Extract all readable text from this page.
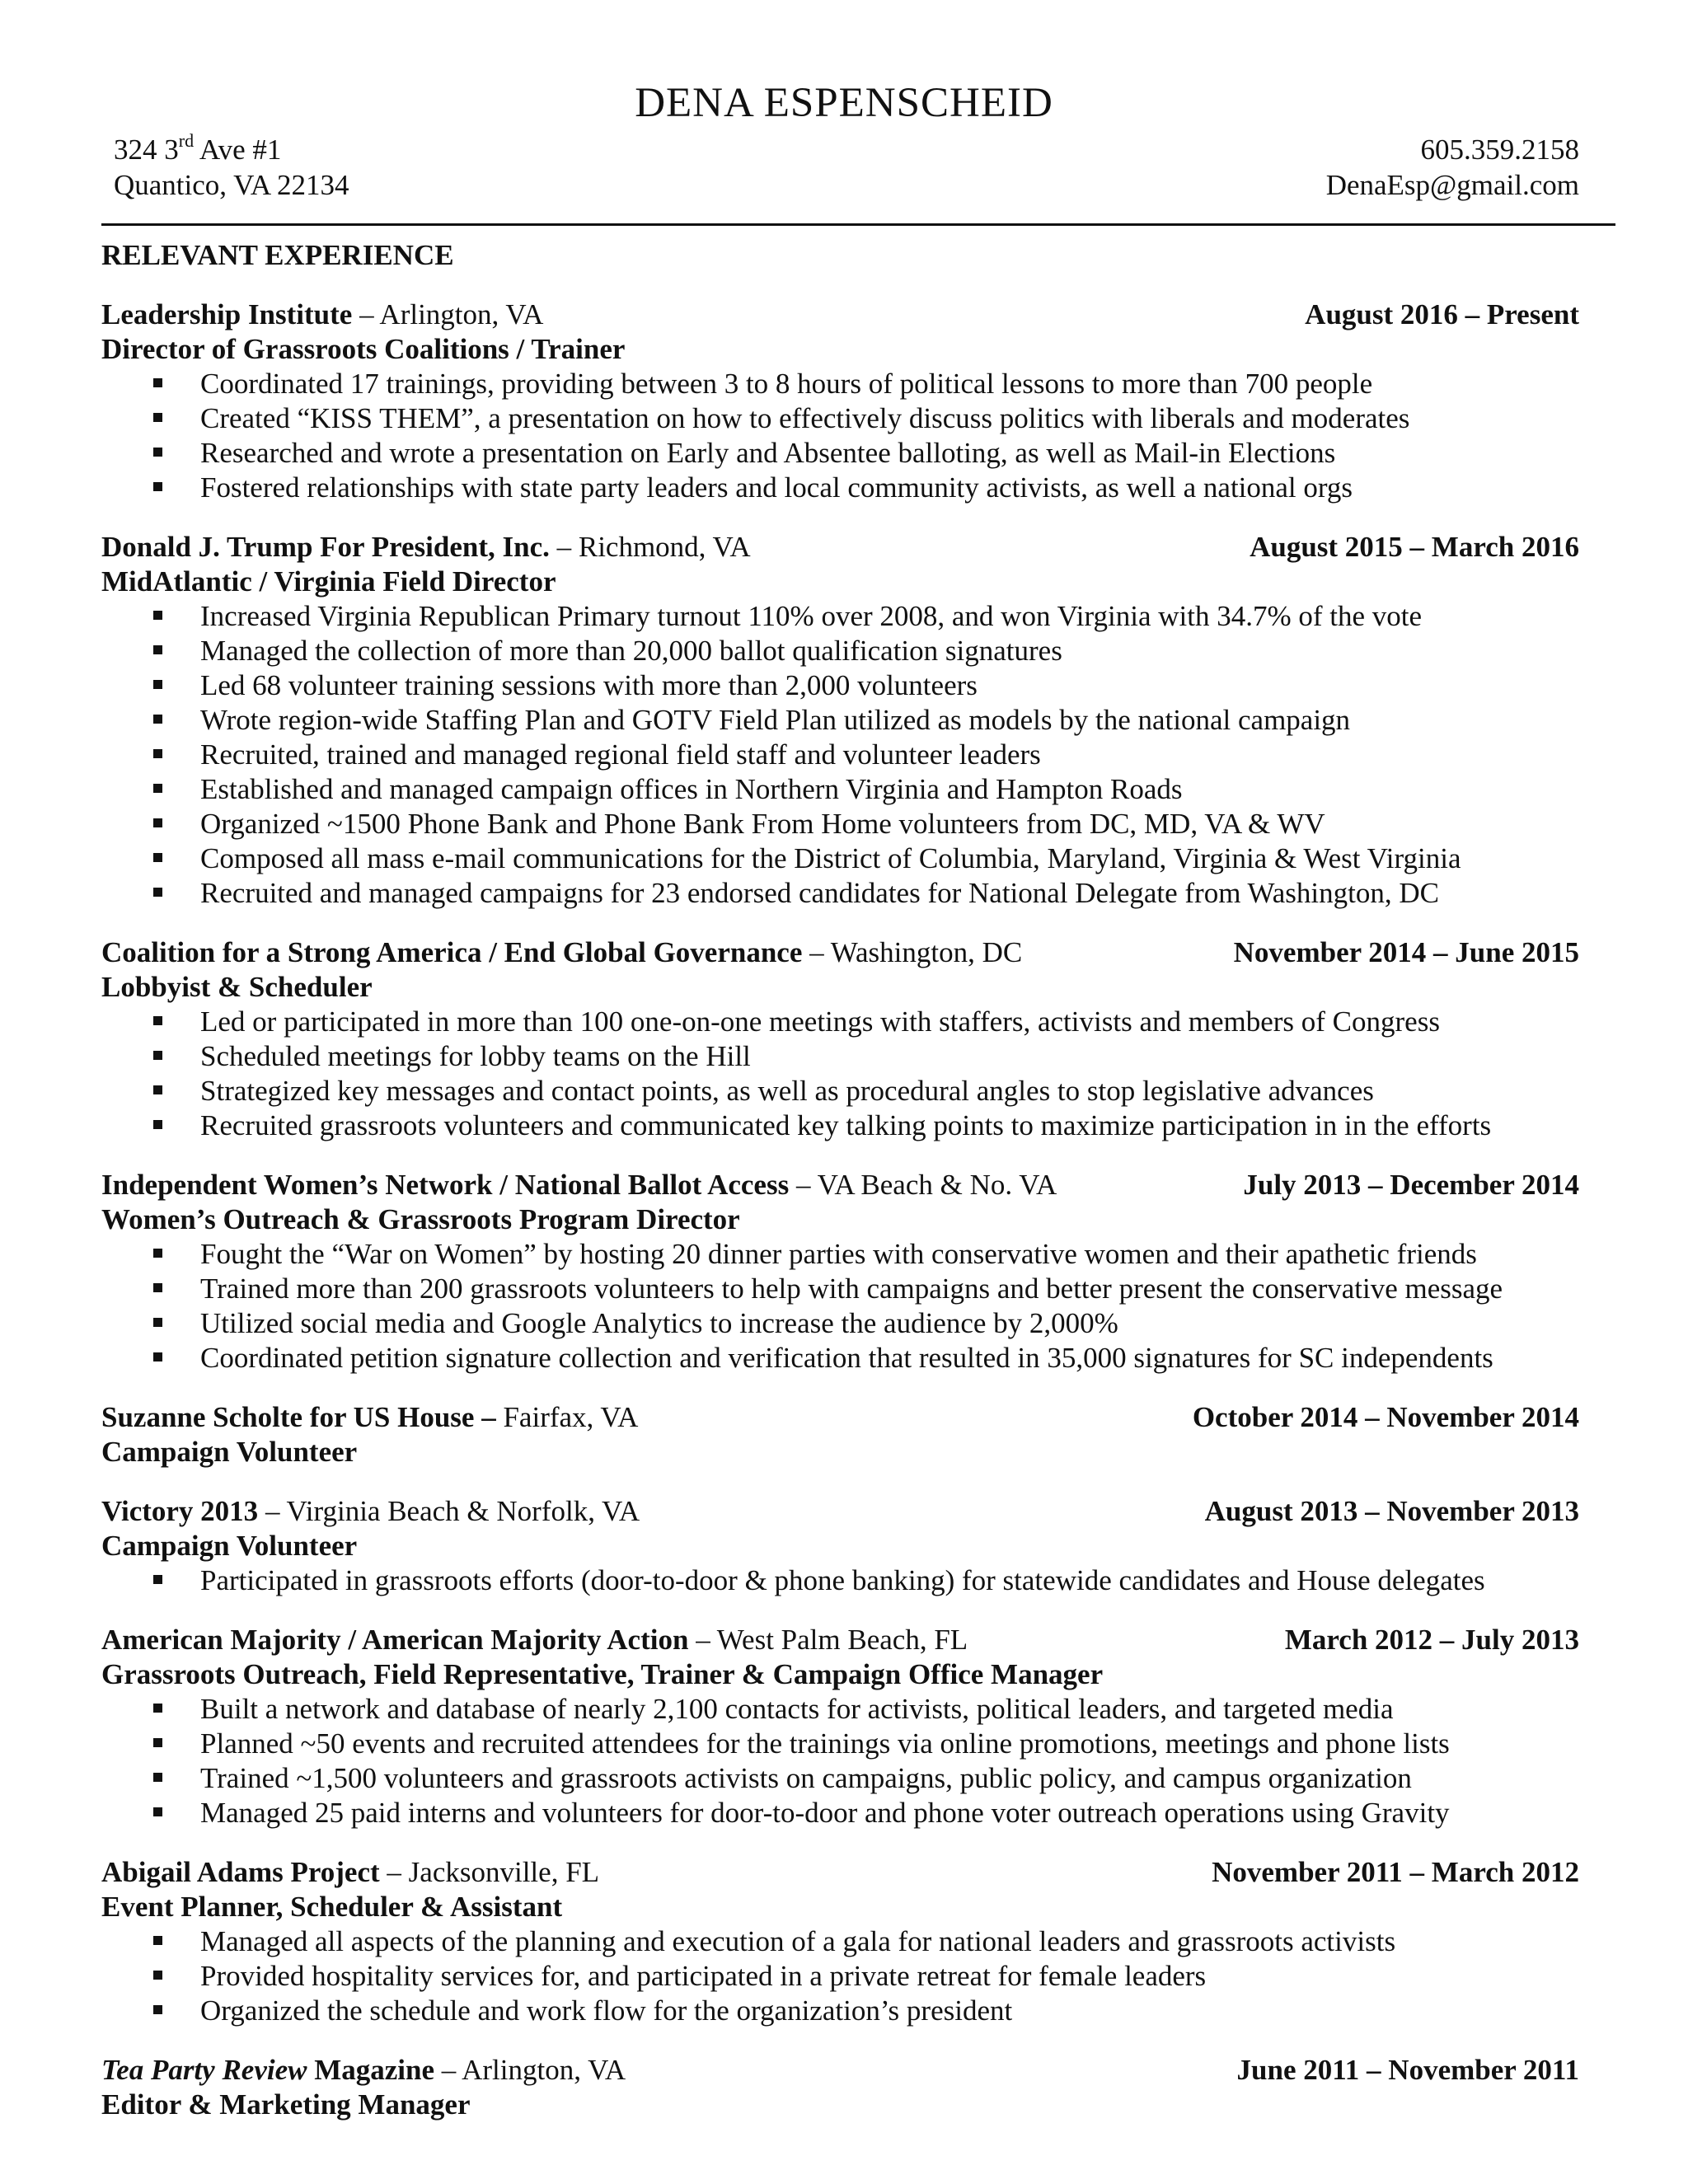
DENA ESPENSCHEID
324 3rd Ave #1
Quantico, VA 22134
605.359.2158
DenaEsp@gmail.com
RELEVANT EXPERIENCE
Leadership Institute – Arlington, VA	August 2016 – Present
Director of Grassroots Coalitions / Trainer
Coordinated 17 trainings, providing between 3 to 8 hours of political lessons to more than 700 people
Created “KISS THEM”, a presentation on how to effectively discuss politics with liberals and moderates
Researched and wrote a presentation on Early and Absentee balloting, as well as Mail-in Elections
Fostered relationships with state party leaders and local community activists, as well a national orgs
Donald J. Trump For President, Inc. – Richmond, VA	August 2015 – March 2016
MidAtlantic / Virginia Field Director
Increased Virginia Republican Primary turnout 110% over 2008, and won Virginia with 34.7% of the vote
Managed the collection of more than 20,000 ballot qualification signatures
Led 68 volunteer training sessions with more than 2,000 volunteers
Wrote region-wide Staffing Plan and GOTV Field Plan utilized as models by the national campaign
Recruited, trained and managed regional field staff and volunteer leaders
Established and managed campaign offices in Northern Virginia and Hampton Roads
Organized ~1500 Phone Bank and Phone Bank From Home volunteers from DC, MD, VA & WV
Composed all mass e-mail communications for the District of Columbia, Maryland, Virginia & West Virginia
Recruited and managed campaigns for 23 endorsed candidates for National Delegate from Washington, DC
Coalition for a Strong America / End Global Governance – Washington, DC	November 2014 – June 2015
Lobbyist & Scheduler
Led or participated in more than 100 one-on-one meetings with staffers, activists and members of Congress
Scheduled meetings for lobby teams on the Hill
Strategized key messages and contact points, as well as procedural angles to stop legislative advances
Recruited grassroots volunteers and communicated key talking points to maximize participation in in the efforts
Independent Women’s Network / National Ballot Access – VA Beach & No. VA	July 2013 – December 2014
Women’s Outreach & Grassroots Program Director
Fought the “War on Women” by hosting 20 dinner parties with conservative women and their apathetic friends
Trained more than 200 grassroots volunteers to help with campaigns and better present the conservative message
Utilized social media and Google Analytics to increase the audience by 2,000%
Coordinated petition signature collection and verification that resulted in 35,000 signatures for SC independents
Suzanne Scholte for US House – Fairfax, VA	October 2014 – November 2014
Campaign Volunteer
Victory 2013 – Virginia Beach & Norfolk, VA	August 2013 – November 2013
Campaign Volunteer
Participated in grassroots efforts (door-to-door & phone banking) for statewide candidates and House delegates
American Majority / American Majority Action – West Palm Beach, FL	March 2012 – July 2013
Grassroots Outreach, Field Representative, Trainer & Campaign Office Manager
Built a network and database of nearly 2,100 contacts for activists, political leaders, and targeted media
Planned ~50 events and recruited attendees for the trainings via online promotions, meetings and phone lists
Trained ~1,500 volunteers and grassroots activists on campaigns, public policy, and campus organization
Managed 25 paid interns and volunteers for door-to-door and phone voter outreach operations using Gravity
Abigail Adams Project – Jacksonville, FL	November 2011 – March 2012
Event Planner, Scheduler & Assistant
Managed all aspects of the planning and execution of a gala for national leaders and grassroots activists
Provided hospitality services for, and participated in a private retreat for female leaders
Organized the schedule and work flow for the organization’s president
Tea Party Review Magazine – Arlington, VA	June 2011 – November 2011
Editor & Marketing Manager
